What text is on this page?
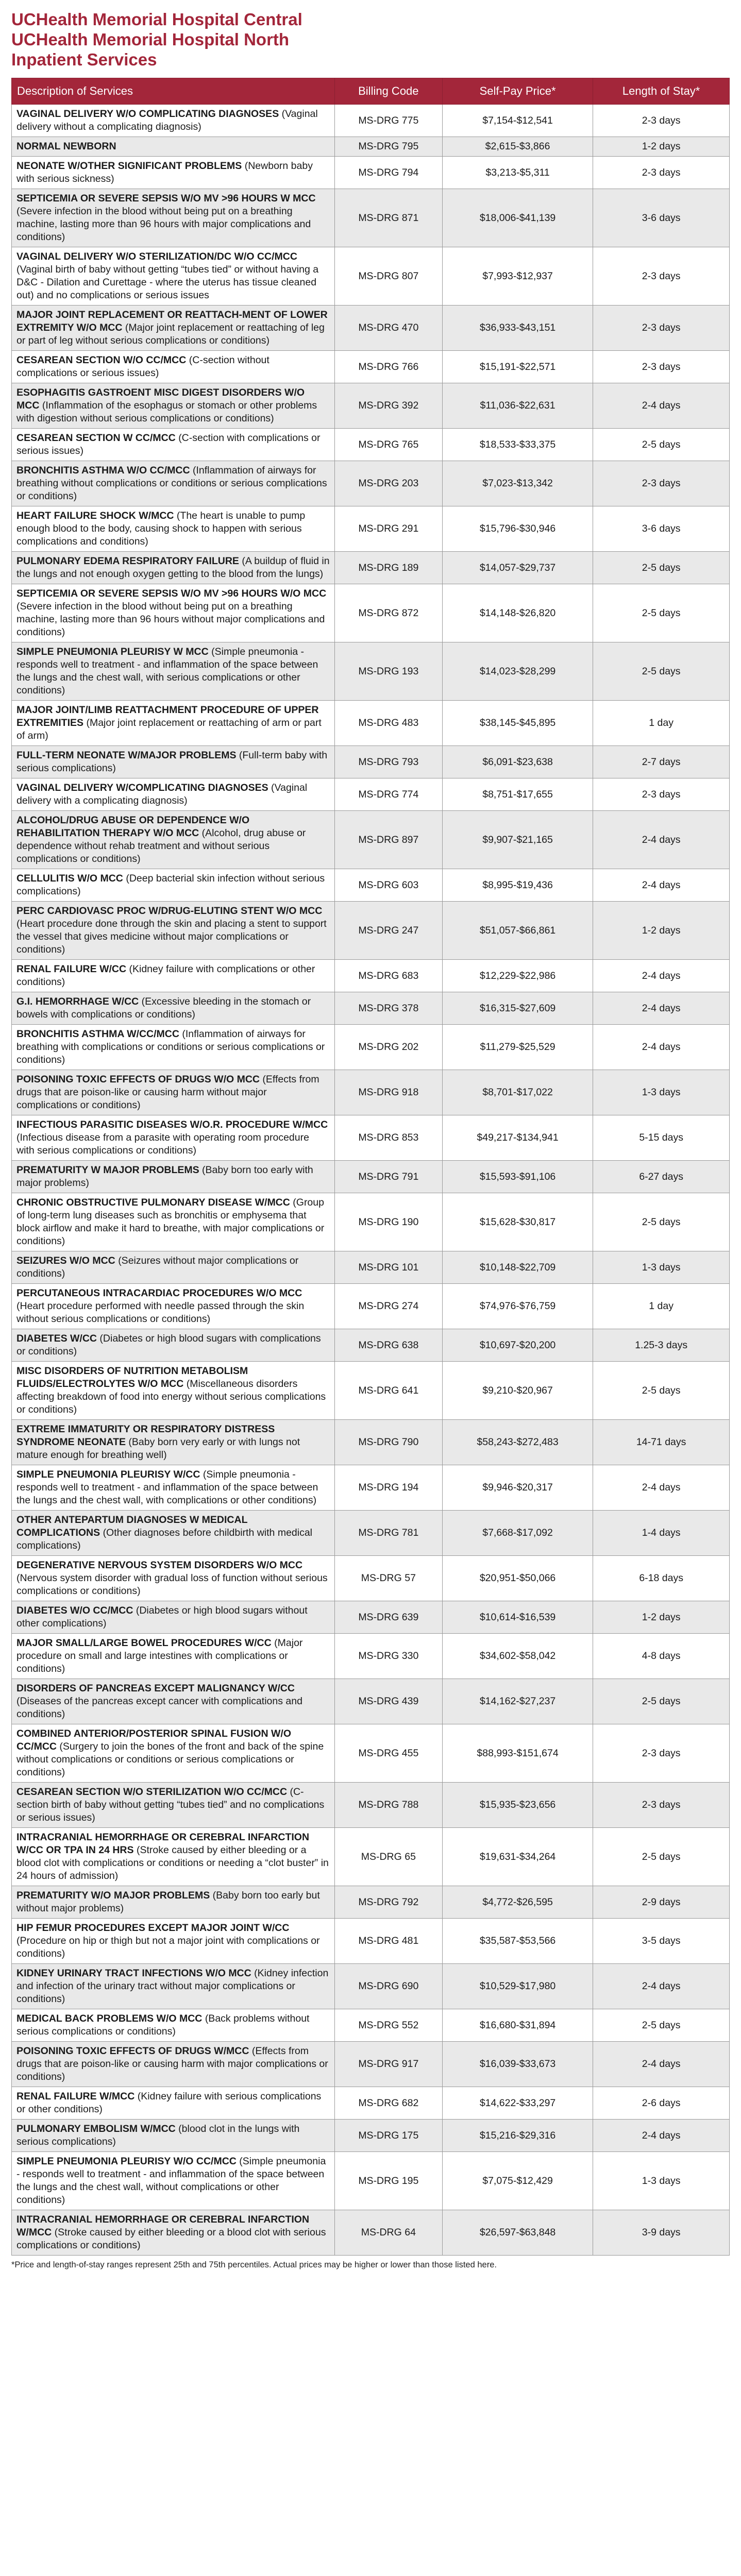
UCHealth Memorial Hospital Central
UCHealth Memorial Hospital North
Inpatient Services
Description of Services	Billing Code	Self-Pay Price*	Length of Stay*
VAGINAL DELIVERY W/O COMPLICATING DIAGNOSES (Vaginal delivery without a complicating diagnosis)	MS-DRG 775	$7,154-$12,541	2-3 days
NORMAL NEWBORN	MS-DRG 795	$2,615-$3,866	1-2 days
NEONATE W/OTHER SIGNIFICANT PROBLEMS (Newborn baby with serious sickness)	MS-DRG 794	$3,213-$5,311	2-3 days
SEPTICEMIA OR SEVERE SEPSIS W/O MV >96 HOURS W MCC (Severe infection in the blood without being put on a breathing machine, lasting more than 96 hours with major complications and conditions)	MS-DRG 871	$18,006-$41,139	3-6 days
VAGINAL DELIVERY W/O STERILIZATION/DC W/O CC/MCC (Vaginal birth of baby without getting “tubes tied” or without having a D&C - Dilation and Curettage - where the uterus has tissue cleaned out) and no complications or serious issues	MS-DRG 807	$7,993-$12,937	2-3 days
MAJOR JOINT REPLACEMENT OR REATTACH-MENT OF LOWER EXTREMITY W/O MCC (Major joint replacement or reattaching of leg or part of leg without serious complications or conditions)	MS-DRG 470	$36,933-$43,151	2-3 days
CESAREAN SECTION W/O CC/MCC (C-section without complications or serious issues)	MS-DRG 766	$15,191-$22,571	2-3 days
ESOPHAGITIS GASTROENT MISC DIGEST DISORDERS W/O MCC (Inflammation of the esophagus or stomach or other problems with digestion without serious complications or conditions)	MS-DRG 392	$11,036-$22,631	2-4 days
CESAREAN SECTION W CC/MCC (C-section with complications or serious issues)	MS-DRG 765	$18,533-$33,375	2-5 days
BRONCHITIS ASTHMA W/O CC/MCC (Inflammation of airways for breathing without complications or conditions or serious complications or conditions)	MS-DRG 203	$7,023-$13,342	2-3 days
HEART FAILURE SHOCK W/MCC (The heart is unable to pump enough blood to the body, causing shock to happen with serious complications and conditions)	MS-DRG 291	$15,796-$30,946	3-6 days
PULMONARY EDEMA RESPIRATORY FAILURE (A buildup of fluid in the lungs and not enough oxygen getting to the blood from the lungs)	MS-DRG 189	$14,057-$29,737	2-5 days
SEPTICEMIA OR SEVERE SEPSIS W/O MV >96 HOURS W/O MCC (Severe infection in the blood without being put on a breathing machine, lasting more than 96 hours without major complications and conditions)	MS-DRG 872	$14,148-$26,820	2-5 days
SIMPLE PNEUMONIA PLEURISY W MCC (Simple pneumonia - responds well to treatment - and inflammation of the space between the lungs and the chest wall, with serious complications or other conditions)	MS-DRG 193	$14,023-$28,299	2-5 days
MAJOR JOINT/LIMB REATTACHMENT PROCEDURE OF UPPER EXTREMITIES (Major joint replacement or reattaching of arm or part of arm)	MS-DRG 483	$38,145-$45,895	1 day
FULL-TERM NEONATE W/MAJOR PROBLEMS (Full-term baby with serious complications)	MS-DRG 793	$6,091-$23,638	2-7 days
VAGINAL DELIVERY W/COMPLICATING DIAGNOSES (Vaginal delivery with a complicating diagnosis)	MS-DRG 774	$8,751-$17,655	2-3 days
ALCOHOL/DRUG ABUSE OR DEPENDENCE W/O REHABILITATION THERAPY W/O MCC (Alcohol, drug abuse or dependence without rehab treatment and without serious complications or conditions)	MS-DRG 897	$9,907-$21,165	2-4 days
CELLULITIS W/O MCC (Deep bacterial skin infection without serious complications)	MS-DRG 603	$8,995-$19,436	2-4 days
PERC CARDIOVASC PROC W/DRUG-ELUTING STENT W/O MCC (Heart procedure done through the skin and placing a stent to support the vessel that gives medicine without major complications or conditions)	MS-DRG 247	$51,057-$66,861	1-2 days
RENAL FAILURE W/CC (Kidney failure with complications or other conditions)	MS-DRG 683	$12,229-$22,986	2-4 days
G.I. HEMORRHAGE W/CC (Excessive bleeding in the stomach or bowels with complications or conditions)	MS-DRG 378	$16,315-$27,609	2-4 days
BRONCHITIS ASTHMA W/CC/MCC (Inflammation of airways for breathing with complications or conditions or serious complications or conditions)	MS-DRG 202	$11,279-$25,529	2-4 days
POISONING TOXIC EFFECTS OF DRUGS W/O MCC (Effects from drugs that are poison-like or causing harm without major complications or conditions)	MS-DRG 918	$8,701-$17,022	1-3 days
INFECTIOUS PARASITIC DISEASES W/O.R. PROCEDURE W/MCC (Infectious disease from a parasite with operating room procedure with serious complications or conditions)	MS-DRG 853	$49,217-$134,941	5-15 days
PREMATURITY W MAJOR PROBLEMS (Baby born too early with major problems)	MS-DRG 791	$15,593-$91,106	6-27 days
CHRONIC OBSTRUCTIVE PULMONARY DISEASE W/MCC (Group of long-term lung diseases such as bronchitis or emphysema that block airflow and make it hard to breathe, with major complications or conditions)	MS-DRG 190	$15,628-$30,817	2-5 days
SEIZURES W/O MCC (Seizures without major complications or conditions)	MS-DRG 101	$10,148-$22,709	1-3 days
PERCUTANEOUS INTRACARDIAC PROCEDURES W/O MCC (Heart procedure performed with needle passed through the skin without serious complications or conditions)	MS-DRG 274	$74,976-$76,759	1 day
DIABETES W/CC (Diabetes or high blood sugars with complications or conditions)	MS-DRG 638	$10,697-$20,200	1.25-3 days
MISC DISORDERS OF NUTRITION METABOLISM FLUIDS/ELECTROLYTES W/O MCC (Miscellaneous disorders affecting breakdown of food into energy without serious complications or conditions)	MS-DRG 641	$9,210-$20,967	2-5 days
EXTREME IMMATURITY OR RESPIRATORY DISTRESS SYNDROME NEONATE (Baby born very early or with lungs not mature enough for breathing well)	MS-DRG 790	$58,243-$272,483	14-71 days
SIMPLE PNEUMONIA PLEURISY W/CC (Simple pneumonia - responds well to treatment - and inflammation of the space between the lungs and the chest wall, with complications or other conditions)	MS-DRG 194	$9,946-$20,317	2-4 days
OTHER ANTEPARTUM DIAGNOSES W MEDICAL COMPLICATIONS (Other diagnoses before childbirth with medical complications)	MS-DRG 781	$7,668-$17,092	1-4 days
DEGENERATIVE NERVOUS SYSTEM DISORDERS W/O MCC (Nervous system disorder with gradual loss of function without serious complications or conditions)	MS-DRG 57	$20,951-$50,066	6-18 days
DIABETES W/O CC/MCC (Diabetes or high blood sugars without other complications)	MS-DRG 639	$10,614-$16,539	1-2 days
MAJOR SMALL/LARGE BOWEL PROCEDURES W/CC (Major procedure on small and large intestines with complications or conditions)	MS-DRG 330	$34,602-$58,042	4-8 days
DISORDERS OF PANCREAS EXCEPT MALIGNANCY W/CC (Diseases of the pancreas except cancer with complications and conditions)	MS-DRG 439	$14,162-$27,237	2-5 days
COMBINED ANTERIOR/POSTERIOR SPINAL FUSION W/O CC/MCC (Surgery to join the bones of the front and back of the spine without complications or conditions or serious complications or conditions)	MS-DRG 455	$88,993-$151,674	2-3 days
CESAREAN SECTION W/O STERILIZATION W/O CC/MCC (C-section birth of baby without getting “tubes tied” and no complications or serious issues)	MS-DRG 788	$15,935-$23,656	2-3 days
INTRACRANIAL HEMORRHAGE OR CEREBRAL INFARCTION W/CC OR TPA IN 24 HRS (Stroke caused by either bleeding or a blood clot with complications or conditions or needing a “clot buster” in 24 hours of admission)	MS-DRG 65	$19,631-$34,264	2-5 days
PREMATURITY W/O MAJOR PROBLEMS (Baby born too early but without major problems)	MS-DRG 792	$4,772-$26,595	2-9 days
HIP FEMUR PROCEDURES EXCEPT MAJOR JOINT W/CC (Procedure on hip or thigh but not a major joint with complications or conditions)	MS-DRG 481	$35,587-$53,566	3-5 days
KIDNEY URINARY TRACT INFECTIONS W/O MCC (Kidney infection and infection of the urinary tract without major complications or conditions)	MS-DRG 690	$10,529-$17,980	2-4 days
MEDICAL BACK PROBLEMS W/O MCC (Back problems without serious complications or conditions)	MS-DRG 552	$16,680-$31,894	2-5 days
POISONING TOXIC EFFECTS OF DRUGS W/MCC (Effects from drugs that are poison-like or causing harm with major complications or conditions)	MS-DRG 917	$16,039-$33,673	2-4 days
RENAL FAILURE W/MCC (Kidney failure with serious complications or other conditions)	MS-DRG 682	$14,622-$33,297	2-6 days
PULMONARY EMBOLISM W/MCC (blood clot in the lungs with serious complications)	MS-DRG 175	$15,216-$29,316	2-4 days
SIMPLE PNEUMONIA PLEURISY W/O CC/MCC (Simple pneumonia - responds well to treatment - and inflammation of the space between the lungs and the chest wall, without complications or other conditions)	MS-DRG 195	$7,075-$12,429	1-3 days
INTRACRANIAL HEMORRHAGE OR CEREBRAL INFARCTION W/MCC (Stroke caused by either bleeding or a blood clot with serious complications or conditions)	MS-DRG 64	$26,597-$63,848	3-9 days
*Price and length-of-stay ranges represent 25th and 75th percentiles. Actual prices may be higher or lower than those listed here.
